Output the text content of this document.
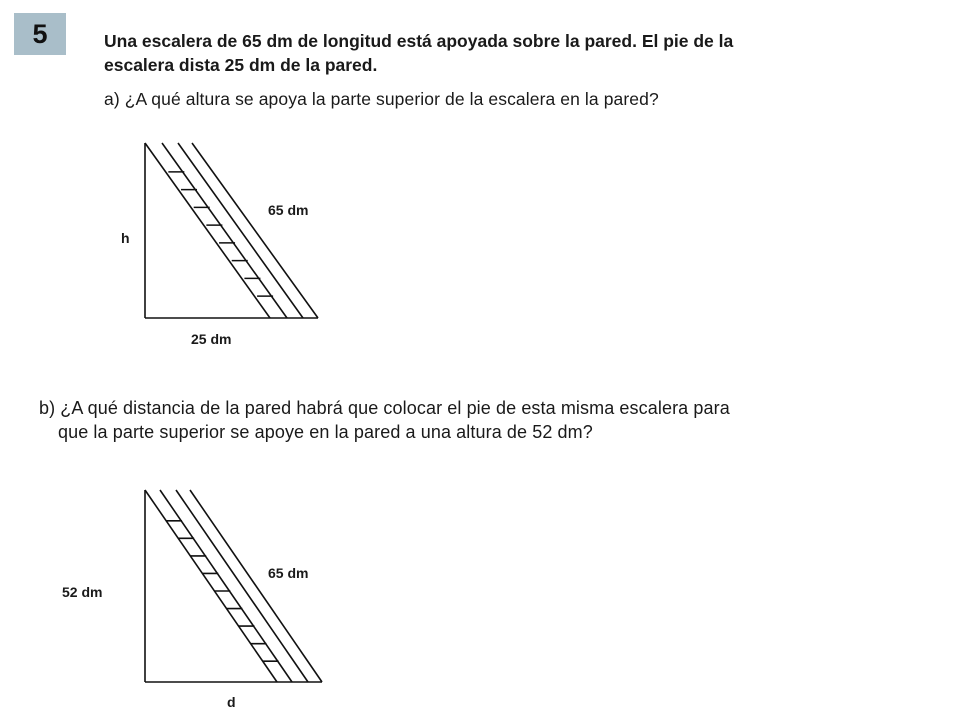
5	Una escalera de 65 dm de longitud está apoyada sobre la pared. El pie de la
escalera dista 25 dm de la pared.
a) ¿A qué altura se apoya la parte superior de la escalera en la pared?
65 dm
h
25 dm
b) ¿A qué distancia de la pared habrá que colocar el pie de esta misma escalera para
que la parte superior se apoye en la pared a una altura de 52 dm?
65 dm
52 dm
d
